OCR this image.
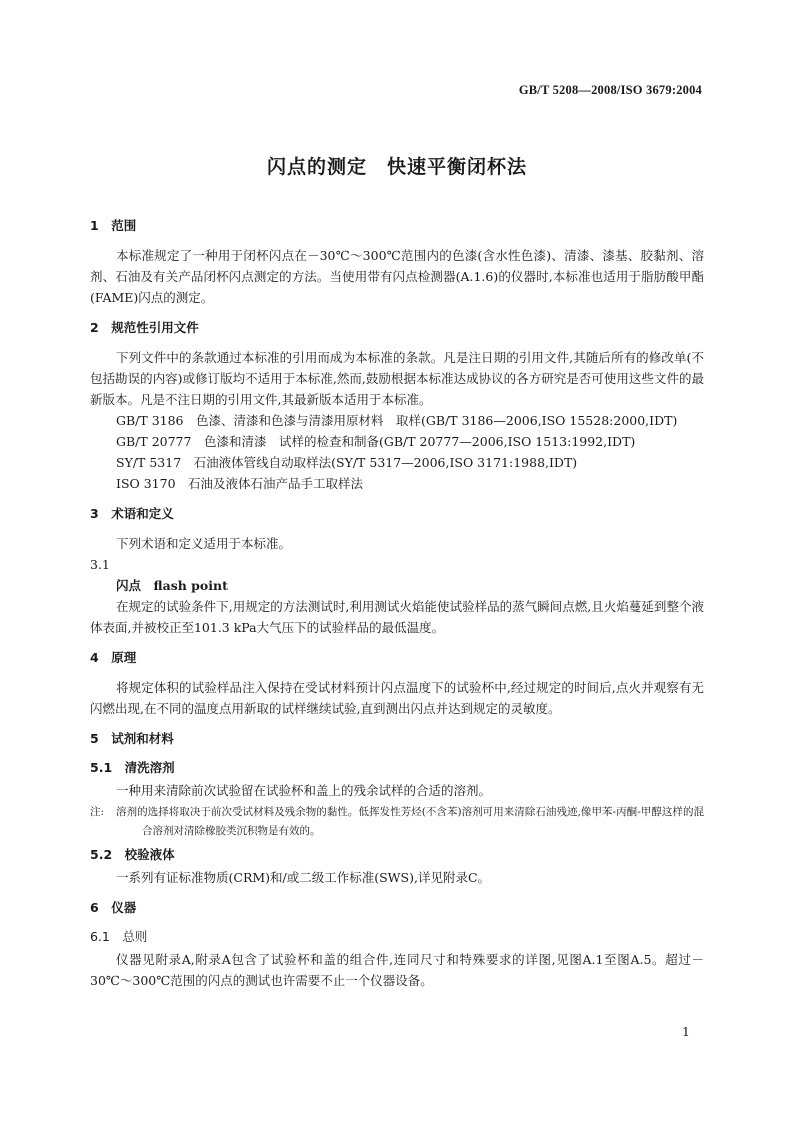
GB/T 5208—2008/ISO 3679:2004
闪点的测定　快速平衡闭杯法
1　范围

本标准规定了一种用于闭杯闪点在－30℃～300℃范围内的色漆(含水性色漆)、清漆、漆基、胶黏剂、溶剂、石油及有关产品闭杯闪点测定的方法。当使用带有闪点检测器(A.1.6)的仪器时,本标准也适用于脂肪酸甲酯(FAME)闪点的测定。

2　规范性引用文件

下列文件中的条款通过本标准的引用而成为本标准的条款。凡是注日期的引用文件,其随后所有的修改单(不包括勘误的内容)或修订版均不适用于本标准,然而,鼓励根据本标准达成协议的各方研究是否可使用这些文件的最新版本。凡是不注日期的引用文件,其最新版本适用于本标准。

GB/T 3186　色漆、清漆和色漆与清漆用原材料　取样(GB/T 3186—2006,ISO 15528:2000,IDT)

GB/T 20777　色漆和清漆　试样的检查和制备(GB/T 20777—2006,ISO 1513:1992,IDT)

SY/T 5317　石油液体管线自动取样法(SY/T 5317—2006,ISO 3171:1988,IDT)

ISO 3170　石油及液体石油产品手工取样法

3　术语和定义

下列术语和定义适用于本标准。

3.1

闪点　flash point

在规定的试验条件下,用规定的方法测试时,利用测试火焰能使试验样品的蒸气瞬间点燃,且火焰蔓延到整个液体表面,并被校正至101.3 kPa大气压下的试验样品的最低温度。

4　原理

将规定体积的试验样品注入保持在受试材料预计闪点温度下的试验杯中,经过规定的时间后,点火并观察有无闪燃出现,在不同的温度点用新取的试样继续试验,直到测出闪点并达到规定的灵敏度。

5　试剂和材料
5.1　清洗溶剂

一种用来清除前次试验留在试验杯和盖上的残余试样的合适的溶剂。

注: 溶剂的选择将取决于前次受试材料及残余物的黏性。低挥发性芳烃(不含苯)溶剂可用来清除石油残迹,像甲苯-丙酮-甲醇这样的混合溶剂对清除橡胶类沉积物是有效的。

5.2　校验液体

一系列有证标准物质(CRM)和/或二级工作标准(SWS),详见附录C。

6　仪器
6.1　总则

仪器见附录A,附录A包含了试验杯和盖的组合件,连同尺寸和特殊要求的详图,见图A.1至图A.5。超过－30℃～300℃范围的闪点的测试也许需要不止一个仪器设备。

1
